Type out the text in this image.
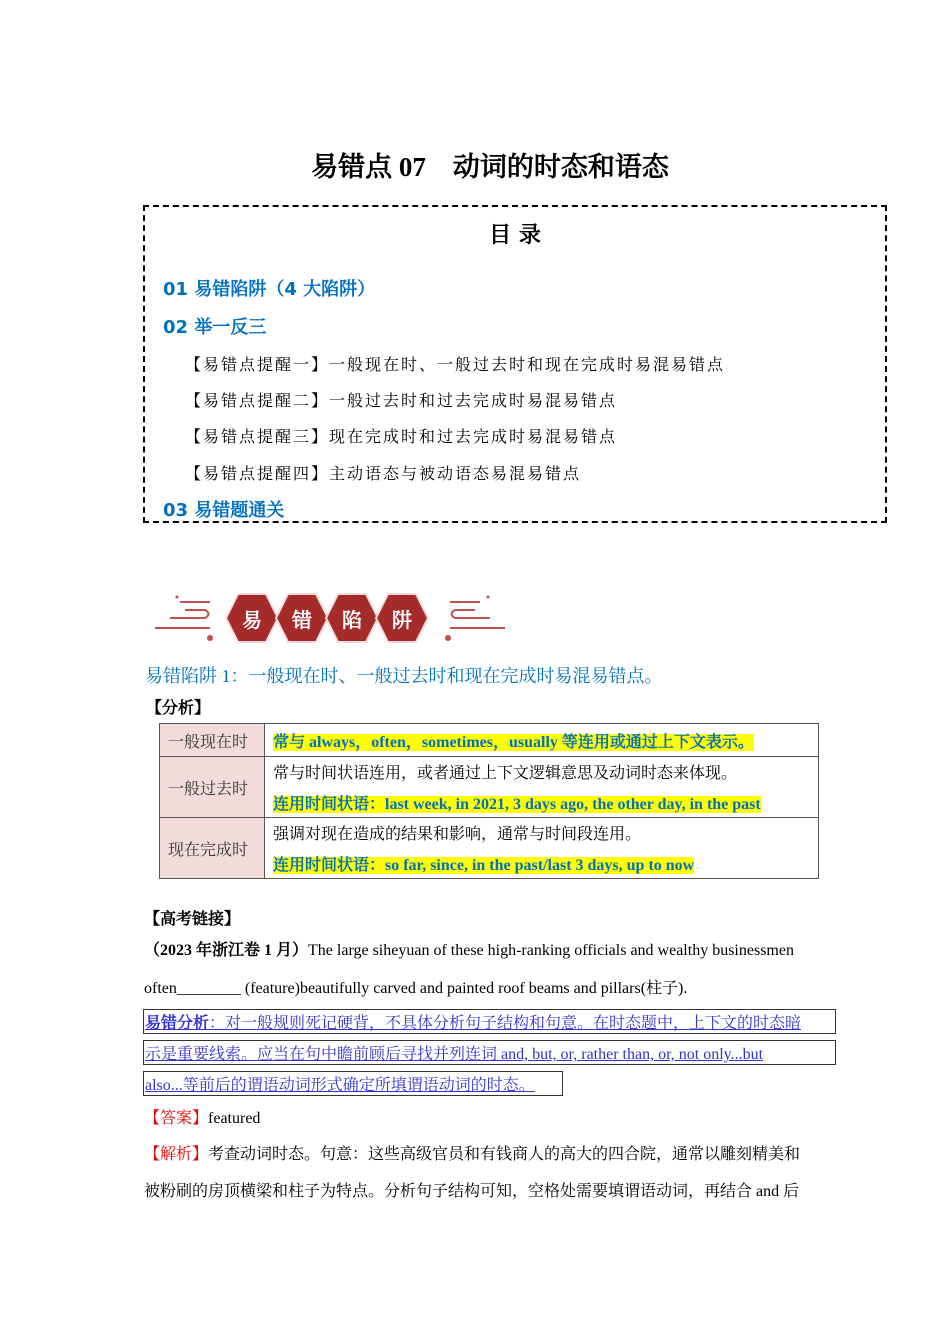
易错点 07　动词的时态和语态
目 录
01 易错陷阱（4 大陷阱）
02 举一反三
【易错点提醒一】一般现在时、一般过去时和现在完成时易混易错点
【易错点提醒二】一般过去时和过去完成时易混易错点
【易错点提醒三】现在完成时和过去完成时易混易错点
【易错点提醒四】主动语态与被动语态易混易错点
03 易错题通关
易 错 陷 阱
易错陷阱 1：一般现在时、一般过去时和现在完成时易混易错点。
【分析】
一般现在时	常与 always，often，sometimes，usually 等连用或通过上下文表示。
一般过去时	常与时间状语连用，或者通过上下文逻辑意思及动词时态来体现。
连用时间状语：last week, in 2021, 3 days ago, the other day, in the past
现在完成时	强调对现在造成的结果和影响，通常与时间段连用。
连用时间状语：so far, since, in the past/last 3 days, up to now
【高考链接】
（2023 年浙江卷 1 月）The large siheyuan of these high-ranking officials and wealthy businessmen
often________ (feature)beautifully carved and painted roof beams and pillars(柱子).
易错分析：对一般规则死记硬背，不具体分析句子结构和句意。在时态题中，上下文的时态暗
示是重要线索。应当在句中瞻前顾后寻找并列连词 and, but, or, rather than, or, not only...but
also...等前后的谓语动词形式确定所填谓语动词的时态。
【答案】featured
【解析】考查动词时态。句意：这些高级官员和有钱商人的高大的四合院，通常以雕刻精美和
被粉刷的房顶横梁和柱子为特点。分析句子结构可知，空格处需要填谓语动词，再结合 and 后
